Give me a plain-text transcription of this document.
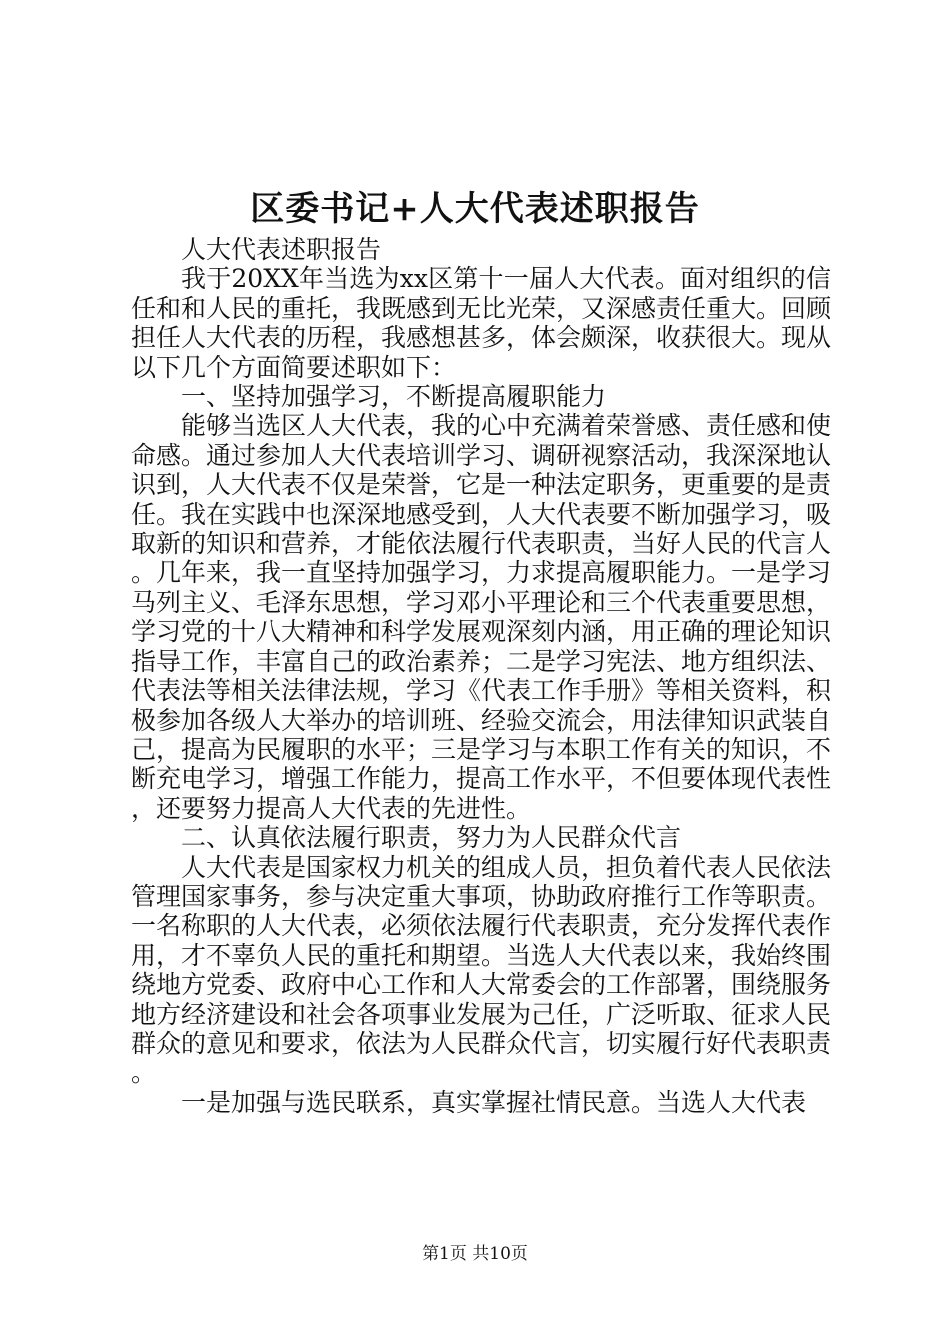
区委书记+人大代表述职报告

人大代表述职报告

我于20XX年当选为xx区第十一届人大代表。面对组织的信任和和人民的重托，我既感到无比光荣，又深感责任重大。回顾担任人大代表的历程，我感想甚多，体会颇深，收获很大。现从以下几个方面简要述职如下：

一、坚持加强学习，不断提高履职能力

能够当选区人大代表，我的心中充满着荣誉感、责任感和使命感。通过参加人大代表培训学习、调研视察活动，我深深地认识到，人大代表不仅是荣誉，它是一种法定职务，更重要的是责任。我在实践中也深深地感受到，人大代表要不断加强学习，吸取新的知识和营养，才能依法履行代表职责，当好人民的代言人。几年来，我一直坚持加强学习，力求提高履职能力。一是学习马列主义、毛泽东思想，学习邓小平理论和三个代表重要思想，学习党的十八大精神和科学发展观深刻内涵，用正确的理论知识指导工作，丰富自己的政治素养；二是学习宪法、地方组织法、代表法等相关法律法规，学习《代表工作手册》等相关资料，积极参加各级人大举办的培训班、经验交流会，用法律知识武装自己，提高为民履职的水平；三是学习与本职工作有关的知识，不断充电学习，增强工作能力，提高工作水平，不但要体现代表性，还要努力提高人大代表的先进性。

二、认真依法履行职责，努力为人民群众代言

人大代表是国家权力机关的组成人员，担负着代表人民依法管理国家事务，参与决定重大事项，协助政府推行工作等职责。一名称职的人大代表，必须依法履行代表职责，充分发挥代表作用，才不辜负人民的重托和期望。当选人大代表以来，我始终围绕地方党委、政府中心工作和人大常委会的工作部署，围绕服务地方经济建设和社会各项事业发展为己任，广泛听取、征求人民群众的意见和要求，依法为人民群众代言，切实履行好代表职责。

一是加强与选民联系，真实掌握社情民意。当选人大代表

第1页 共10页
